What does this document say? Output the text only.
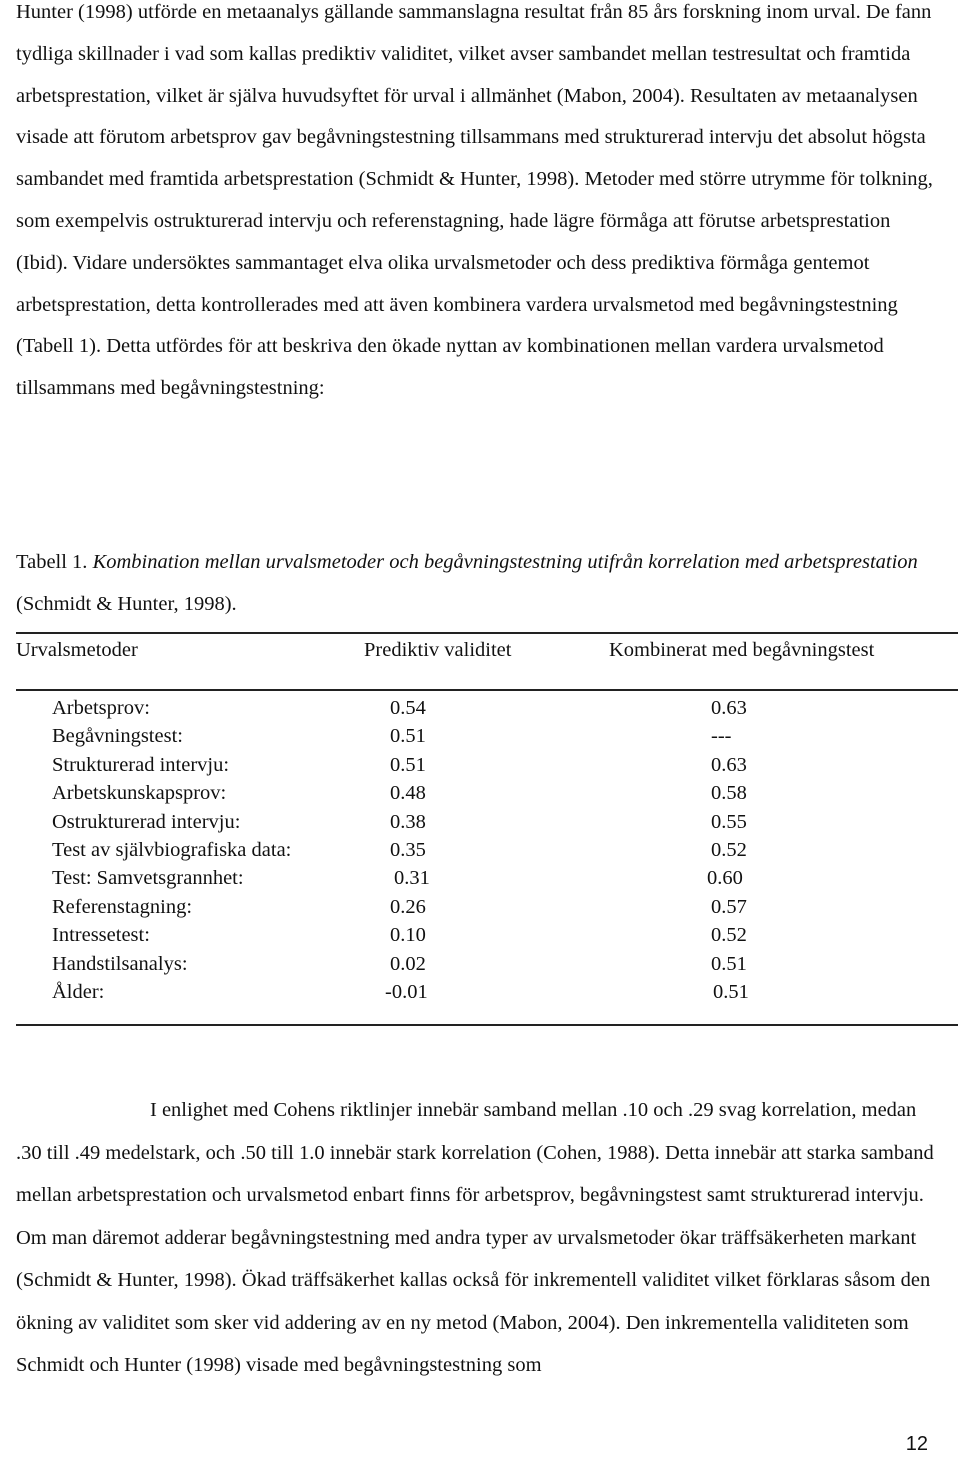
Hunter (1998) utförde en metaanalys gällande sammanslagna resultat från 85 års forskning inom urval. De fann tydliga skillnader i vad som kallas prediktiv validitet, vilket avser sambandet mellan testresultat och framtida arbetsprestation, vilket är själva huvudsyftet för urval i allmänhet (Mabon, 2004). Resultaten av metaanalysen visade att förutom arbetsprov gav begåvningstestning tillsammans med strukturerad intervju det absolut högsta sambandet med framtida arbetsprestation (Schmidt & Hunter, 1998). Metoder med större utrymme för tolkning, som exempelvis ostrukturerad intervju och referenstagning, hade lägre förmåga att förutse arbetsprestation (Ibid). Vidare undersöktes sammantaget elva olika urvalsmetoder och dess prediktiva förmåga gentemot arbetsprestation, detta kontrollerades med att även kombinera vardera urvalsmetod med begåvningstestning (Tabell 1). Detta utfördes för att beskriva den ökade nyttan av kombinationen mellan vardera urvalsmetod tillsammans med begåvningstestning:

Tabell 1. Kombination mellan urvalsmetoder och begåvningstestning utifrån korrelation med arbetsprestation (Schmidt & Hunter, 1998).

Urvalsmetoder	Prediktiv validitet	Kombinerat med begåvningstest
Arbetsprov:	0.54	0.63
Begåvningstest:	0.51	---
Strukturerad intervju:	0.51	0.63
Arbetskunskapsprov:	0.48	0.58
Ostrukturerad intervju:	0.38	0.55
Test av självbiografiska data:	0.35	0.52
Test: Samvetsgrannhet:	0.31	0.60
Referenstagning:	0.26	0.57
Intressetest:	0.10	0.52
Handstilsanalys:	0.02	0.51
Ålder:	-0.01	0.51

I enlighet med Cohens riktlinjer innebär samband mellan .10 och .29 svag korrelation, medan .30 till .49 medelstark, och .50 till 1.0 innebär stark korrelation (Cohen, 1988). Detta innebär att starka samband mellan arbetsprestation och urvalsmetod enbart finns för arbetsprov, begåvningstest samt strukturerad intervju. Om man däremot adderar begåvningstestning med andra typer av urvalsmetoder ökar träffsäkerheten markant (Schmidt & Hunter, 1998). Ökad träffsäkerhet kallas också för inkrementell validitet vilket förklaras såsom den ökning av validitet som sker vid addering av en ny metod (Mabon, 2004). Den inkrementella validiteten som Schmidt och Hunter (1998) visade med begåvningstestning som

12
